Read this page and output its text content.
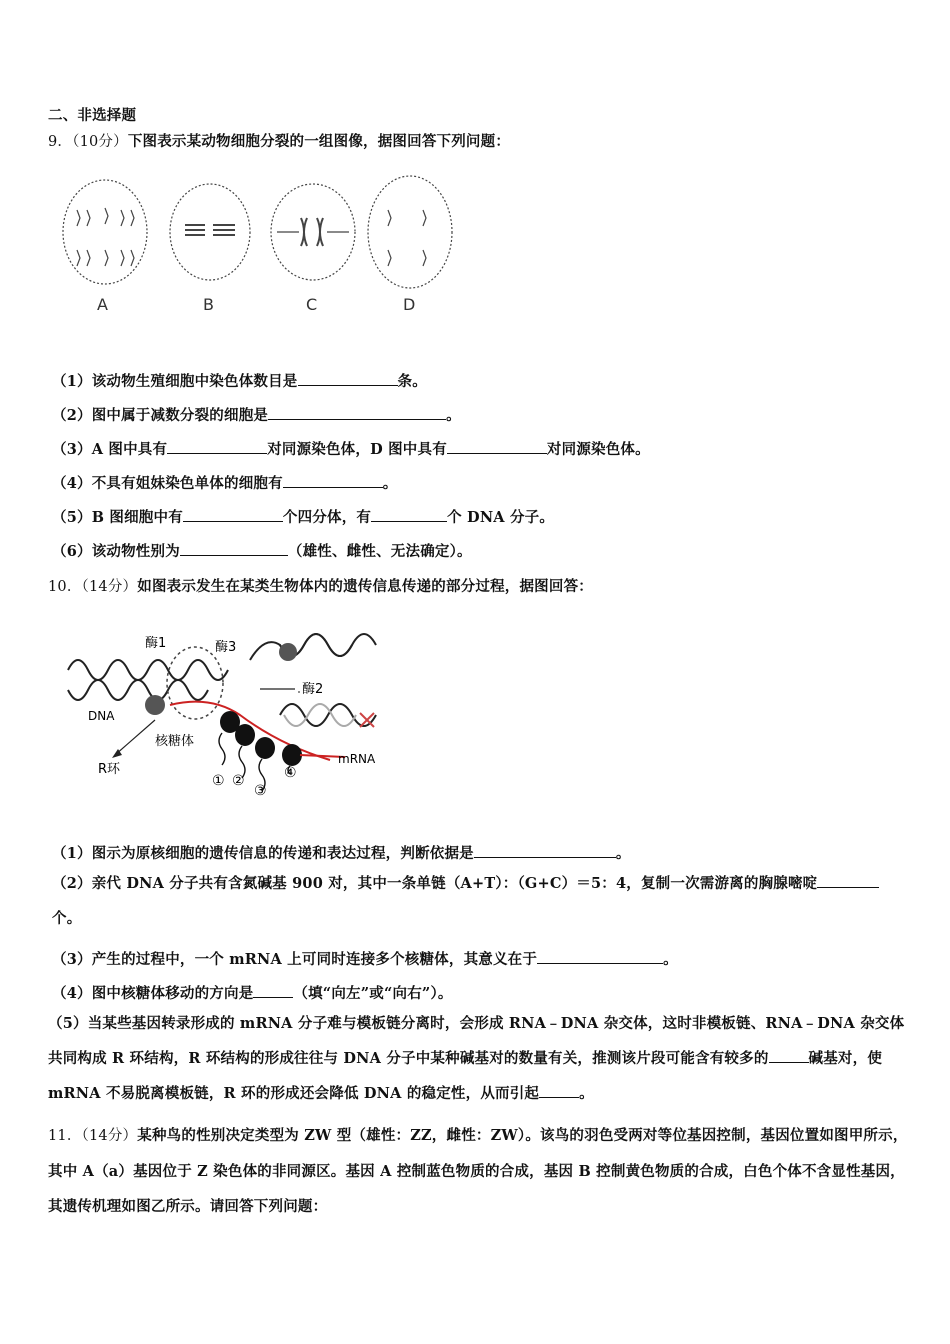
二、非选择题
9．（10分）下图表示某动物细胞分裂的一组图像，据图回答下列问题：
A	B	C	D
（1）该动物生殖细胞中染色体数目是	条。
（2）图中属于减数分裂的细胞是	。
（3）A 图中具有	对同源染色体，D 图中具有	对同源染色体。
（4）不具有姐妹染色单体的细胞有	。
（5）B 图细胞中有	个四分体，有	个 DNA 分子。
（6）该动物性别为	（雄性、雌性、无法确定）。
10．（14分）如图表示发生在某类生物体内的遗传信息传递的部分过程，据图回答：
酶1	酶3
酶2
DNA
核糖体
R环
mRNA
① ②
③
④
（1）图示为原核细胞的遗传信息的传递和表达过程，判断依据是	。
（2）亲代 DNA 分子共有含氮碱基 900 对，其中一条单链（A+T）：（G+C）＝5：4，复制一次需游离的胸腺嘧啶个。
（3）产生的过程中，一个 mRNA 上可同时连接多个核糖体，其意义在于	。
（4）图中核糖体移动的方向是	（填“向左”或“向右”）。
（5）当某些基因转录形成的 mRNA 分子难与模板链分离时，会形成 RNA﹣DNA 杂交体，这时非模板链、RNA﹣DNA 杂交体共同构成 R 环结构，R 环结构的形成往往与 DNA 分子中某种碱基对的数量有关，推测该片段可能含有较多的	碱基对，使 mRNA 不易脱离模板链，R 环的形成还会降低 DNA 的稳定性，从而引起	。
11．（14分）某种鸟的性别决定类型为 ZW 型（雄性：ZZ，雌性：ZW）。该鸟的羽色受两对等位基因控制，基因位置如图甲所示，其中 A（a）基因位于 Z 染色体的非同源区。基因 A 控制蓝色物质的合成，基因 B 控制黄色物质的合成，白色个体不含显性基因，其遗传机理如图乙所示。请回答下列问题：
